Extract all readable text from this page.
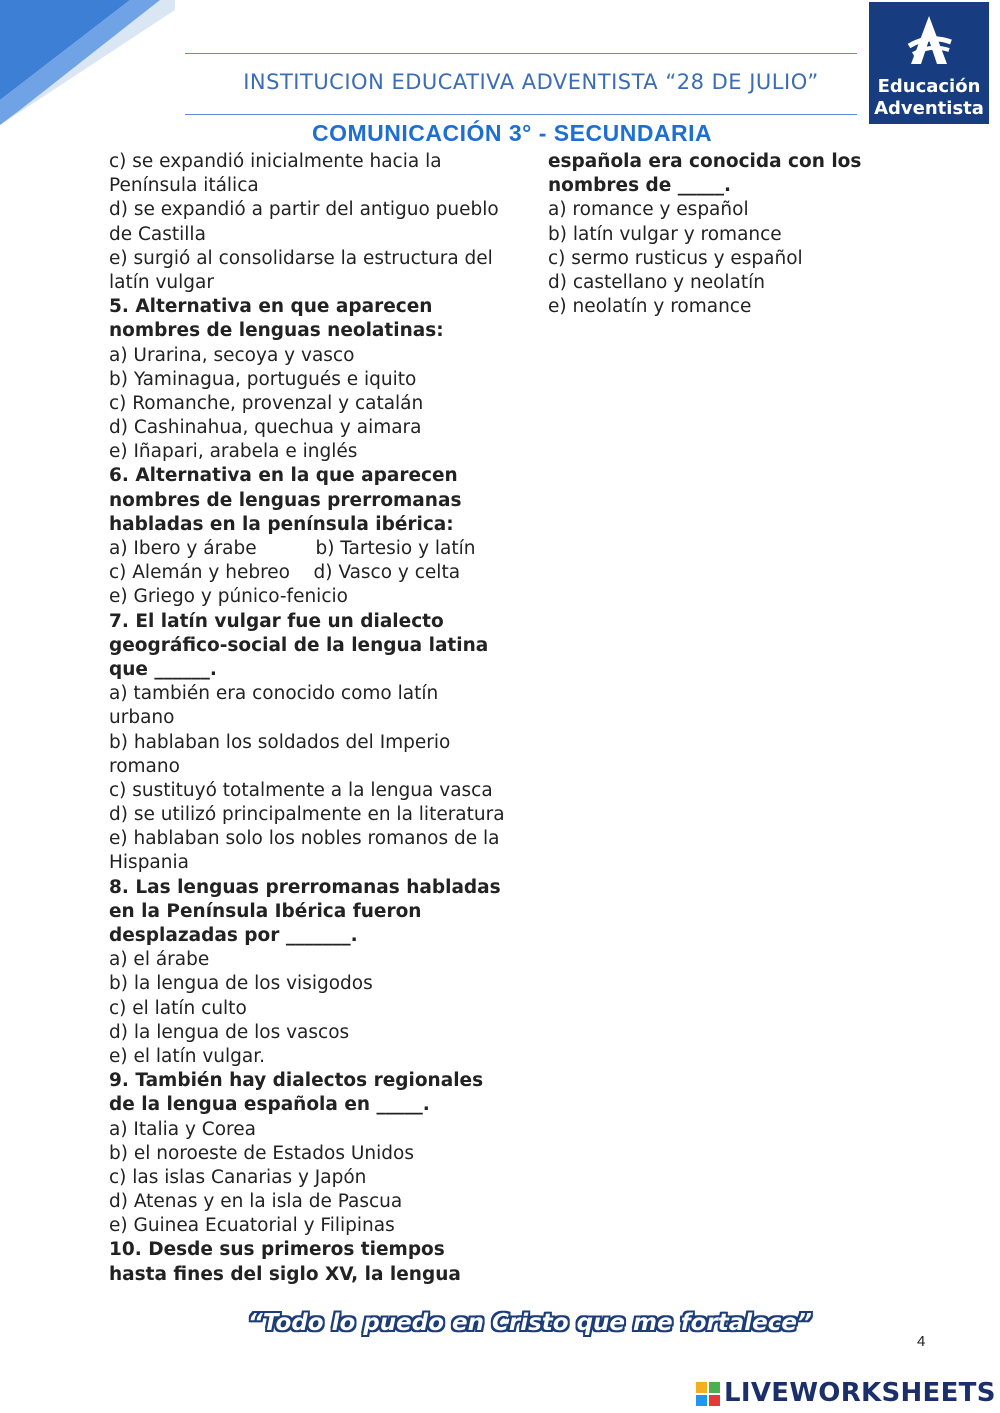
INSTITUCION EDUCATIVA ADVENTISTA “28 DE JULIO”	Educación
Adventista
COMUNICACIÓN 3° - SECUNDARIA
c) se expandió inicialmente hacia la
Península itálica
d) se expandió a partir del antiguo pueblo
de Castilla
e) surgió al consolidarse la estructura del
latín vulgar
5. Alternativa en que aparecen
nombres de lenguas neolatinas:
a) Urarina, secoya y vasco
b) Yaminagua, portugués e iquito
c) Romanche, provenzal y catalán
d) Cashinahua, quechua y aimara
e) Iñapari, arabela e inglés
6. Alternativa en la que aparecen
nombres de lenguas prerromanas
habladas en la península ibérica:
a) Ibero y árabe          b) Tartesio y latín
c) Alemán y hebreo    d) Vasco y celta
e) Griego y púnico-fenicio
7. El latín vulgar fue un dialecto
geográfico-social de la lengua latina
que ______.
a) también era conocido como latín
urbano
b) hablaban los soldados del Imperio
romano
c) sustituyó totalmente a la lengua vasca
d) se utilizó principalmente en la literatura
e) hablaban solo los nobles romanos de la
Hispania
8. Las lenguas prerromanas habladas
en la Península Ibérica fueron
desplazadas por _______.
a) el árabe
b) la lengua de los visigodos
c) el latín culto
d) la lengua de los vascos
e) el latín vulgar.
9. También hay dialectos regionales
de la lengua española en _____.
a) Italia y Corea
b) el noroeste de Estados Unidos
c) las islas Canarias y Japón
d) Atenas y en la isla de Pascua
e) Guinea Ecuatorial y Filipinas
10. Desde sus primeros tiempos
hasta fines del siglo XV, la lengua
española era conocida con los
nombres de _____.
a) romance y español
b) latín vulgar y romance
c) sermo rusticus y español
d) castellano y neolatín
e) neolatín y romance
“Todo lo puedo en Cristo que me fortalece”
4
LIVEWORKSHEETS
